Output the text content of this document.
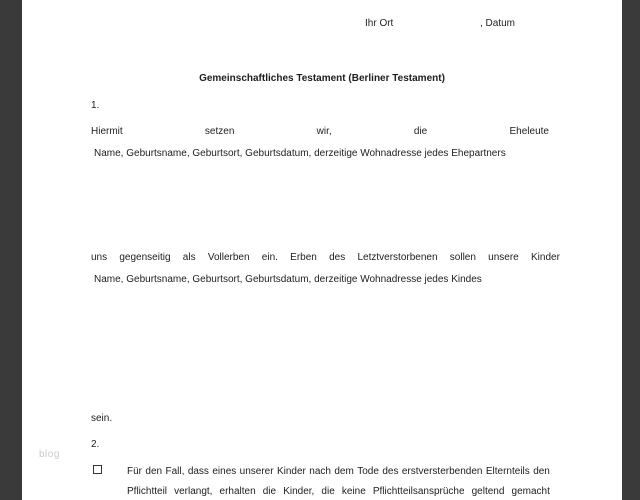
Ihr Ort	, Datum
Gemeinschaftliches Testament (Berliner Testament)
1.
Hiermit	setzen	wir,	die	Eheleute
Name, Geburtsname, Geburtsort, Geburtsdatum, derzeitige Wohnadresse jedes Ehepartners
uns gegenseitig als Vollerben ein. Erben des Letztverstorbenen sollen unsere Kinder
Name, Geburtsname, Geburtsort, Geburtsdatum, derzeitige Wohnadresse jedes Kindes
sein.
2.
Für den Fall, dass eines unserer Kinder nach dem Tode des erstversterbenden Elternteils den
Pflichtteil verlangt, erhalten die Kinder, die keine Pflichtteilsansprüche geltend gemacht
blog
